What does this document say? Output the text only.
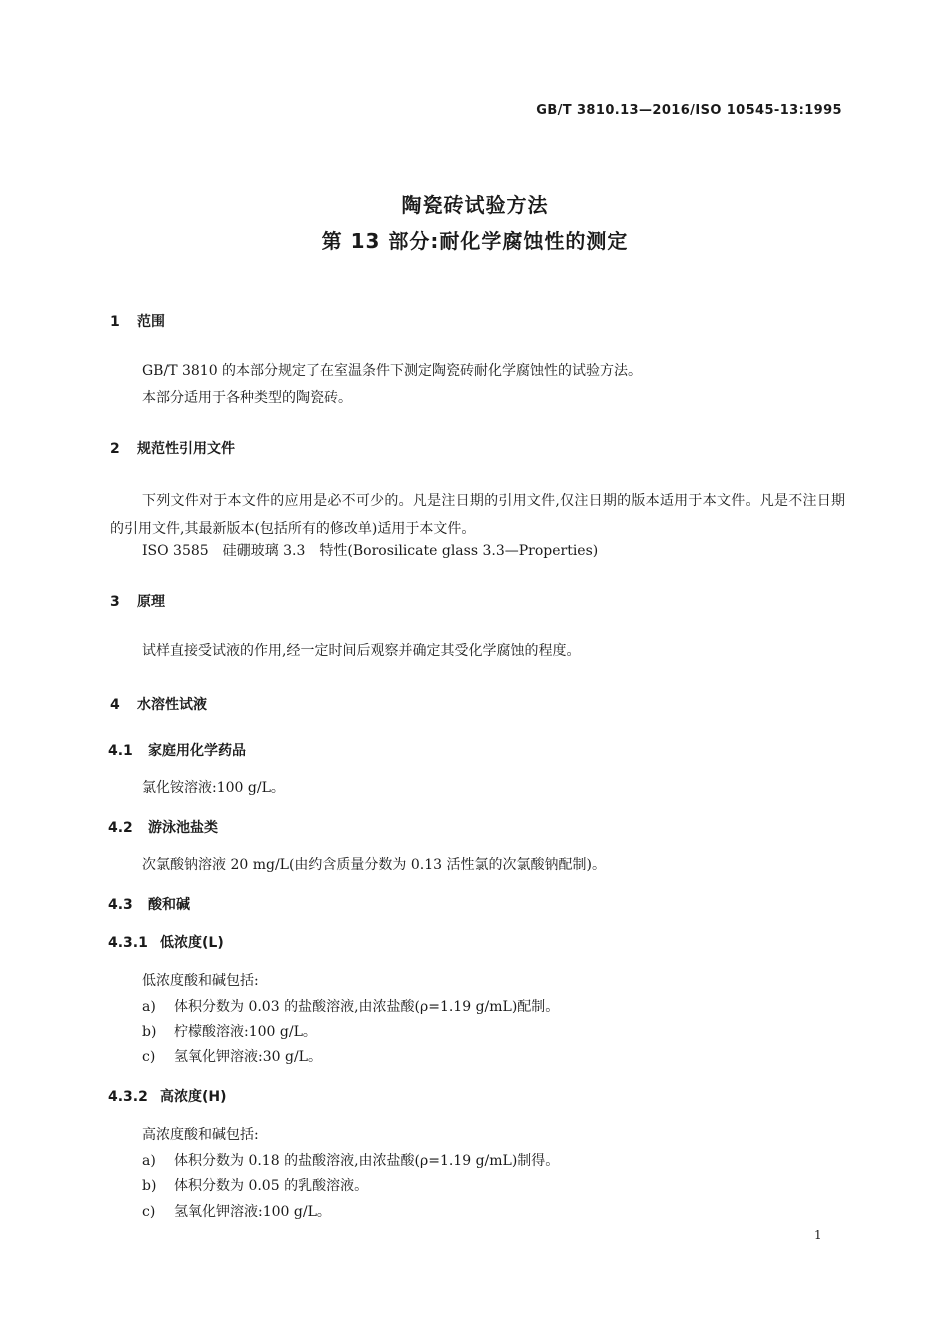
GB/T 3810.13—2016/ISO 10545-13:1995
陶瓷砖试验方法
第 13 部分:耐化学腐蚀性的测定
1 范围
GB/T 3810 的本部分规定了在室温条件下测定陶瓷砖耐化学腐蚀性的试验方法。
本部分适用于各种类型的陶瓷砖。
2 规范性引用文件
下列文件对于本文件的应用是必不可少的。凡是注日期的引用文件,仅注日期的版本适用于本文件。凡是不注日期的引用文件,其最新版本(包括所有的修改单)适用于本文件。
ISO 3585　硅硼玻璃 3.3　特性(Borosilicate glass 3.3—Properties)
3 原理
试样直接受试液的作用,经一定时间后观察并确定其受化学腐蚀的程度。
4 水溶性试液
4.1 家庭用化学药品
氯化铵溶液:100 g/L。
4.2 游泳池盐类
次氯酸钠溶液 20 mg/L(由约含质量分数为 0.13 活性氯的次氯酸钠配制)。
4.3 酸和碱
4.3.1 低浓度(L)
低浓度酸和碱包括:
a) 体积分数为 0.03 的盐酸溶液,由浓盐酸(ρ=1.19 g/mL)配制。
b) 柠檬酸溶液:100 g/L。
c) 氢氧化钾溶液:30 g/L。
4.3.2 高浓度(H)
高浓度酸和碱包括:
a) 体积分数为 0.18 的盐酸溶液,由浓盐酸(ρ=1.19 g/mL)制得。
b) 体积分数为 0.05 的乳酸溶液。
c) 氢氧化钾溶液:100 g/L。
1
